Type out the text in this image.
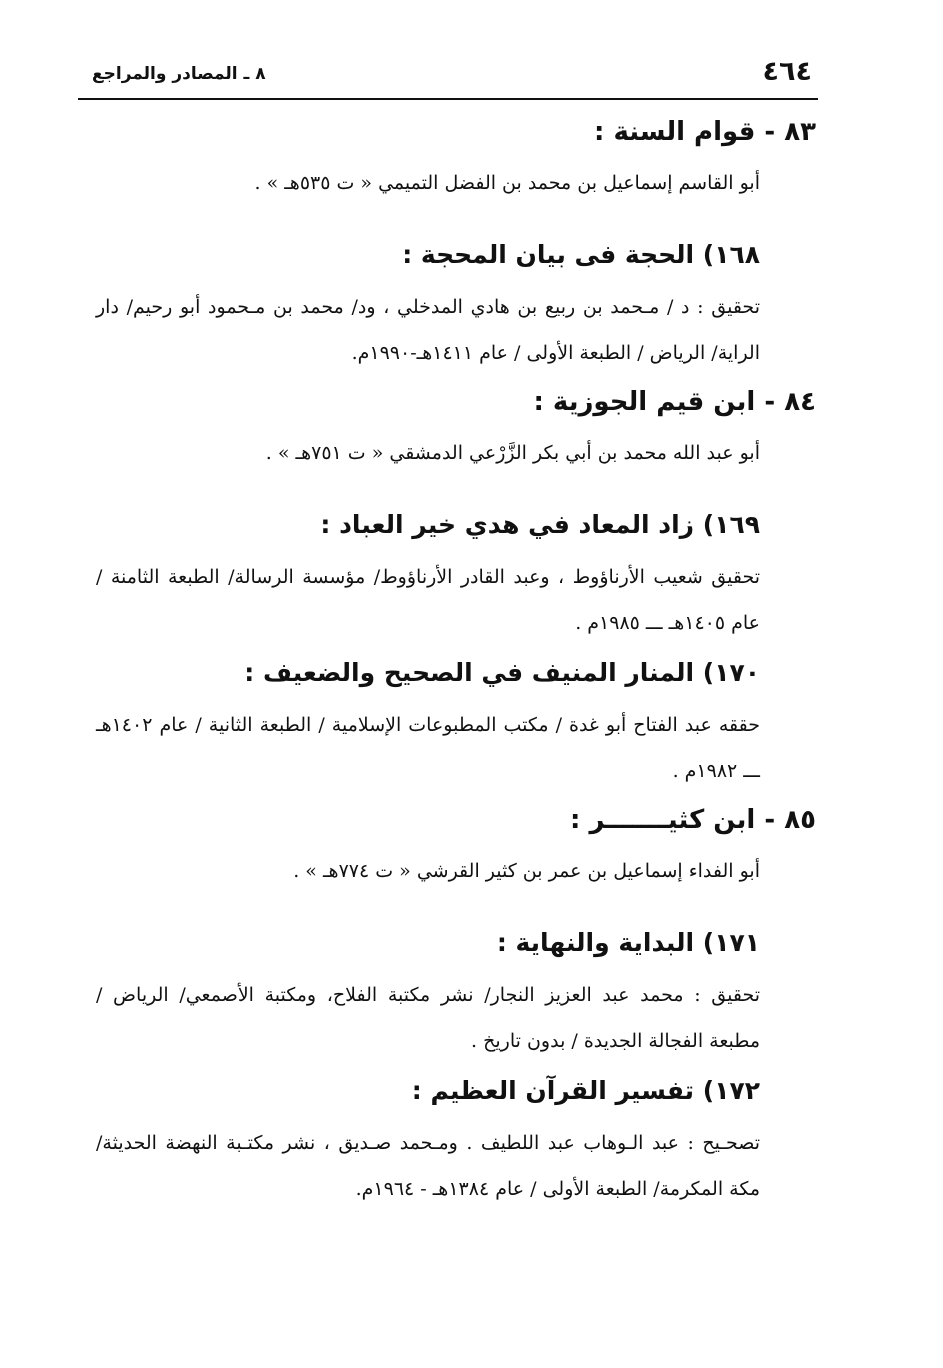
٤٦٤
٨ ـ المصادر والمراجع
٨٣ - قوام السنة :

أبو القاسم إسماعيل بن محمد بن الفضل التميمي « ت ٥٣٥هـ » .

١٦٨) الحجة فى بيان المحجة :

تحقيق : د / مـحمد بن ربيع بن هادي المدخلي ، ود/ محمد بن مـحمود أبو رحيم/ دار الراية/ الرياض / الطبعة الأولى / عام ١٤١١هـ-١٩٩٠م.

٨٤ - ابن قيم الجوزية :

أبو عبد الله محمد بن أبي بكر الزَّرْعي الدمشقي « ت ٧٥١هـ » .

١٦٩) زاد المعاد في هدي خير العباد :

تحقيق شعيب الأرناؤوط ، وعبد القادر الأرناؤوط/ مؤسسة الرسالة/ الطبعة الثامنة / عام ١٤٠٥هـ ـــ ١٩٨٥م .

١٧٠) المنار المنيف في الصحيح والضعيف :

حققه عبد الفتاح أبو غدة / مكتب المطبوعات الإسلامية / الطبعة الثانية / عام ١٤٠٢هـ ـــ ١٩٨٢م .

٨٥ - ابن كثيـــــــر :

أبو الفداء إسماعيل بن عمر بن كثير القرشي « ت ٧٧٤هـ » .

١٧١) البداية والنهاية :

تحقيق : محمد عبد العزيز النجار/ نشر مكتبة الفلاح، ومكتبة الأصمعي/ الرياض / مطبعة الفجالة الجديدة / بدون تاريخ .

١٧٢) تفسير القرآن العظيم :

تصحـيح : عبد الـوهاب عبد اللطيف . ومـحمد صـديق ، نشر مكتـبة النهضة الحديثة/ مكة المكرمة/ الطبعة الأولى / عام ١٣٨٤هـ - ١٩٦٤م.
